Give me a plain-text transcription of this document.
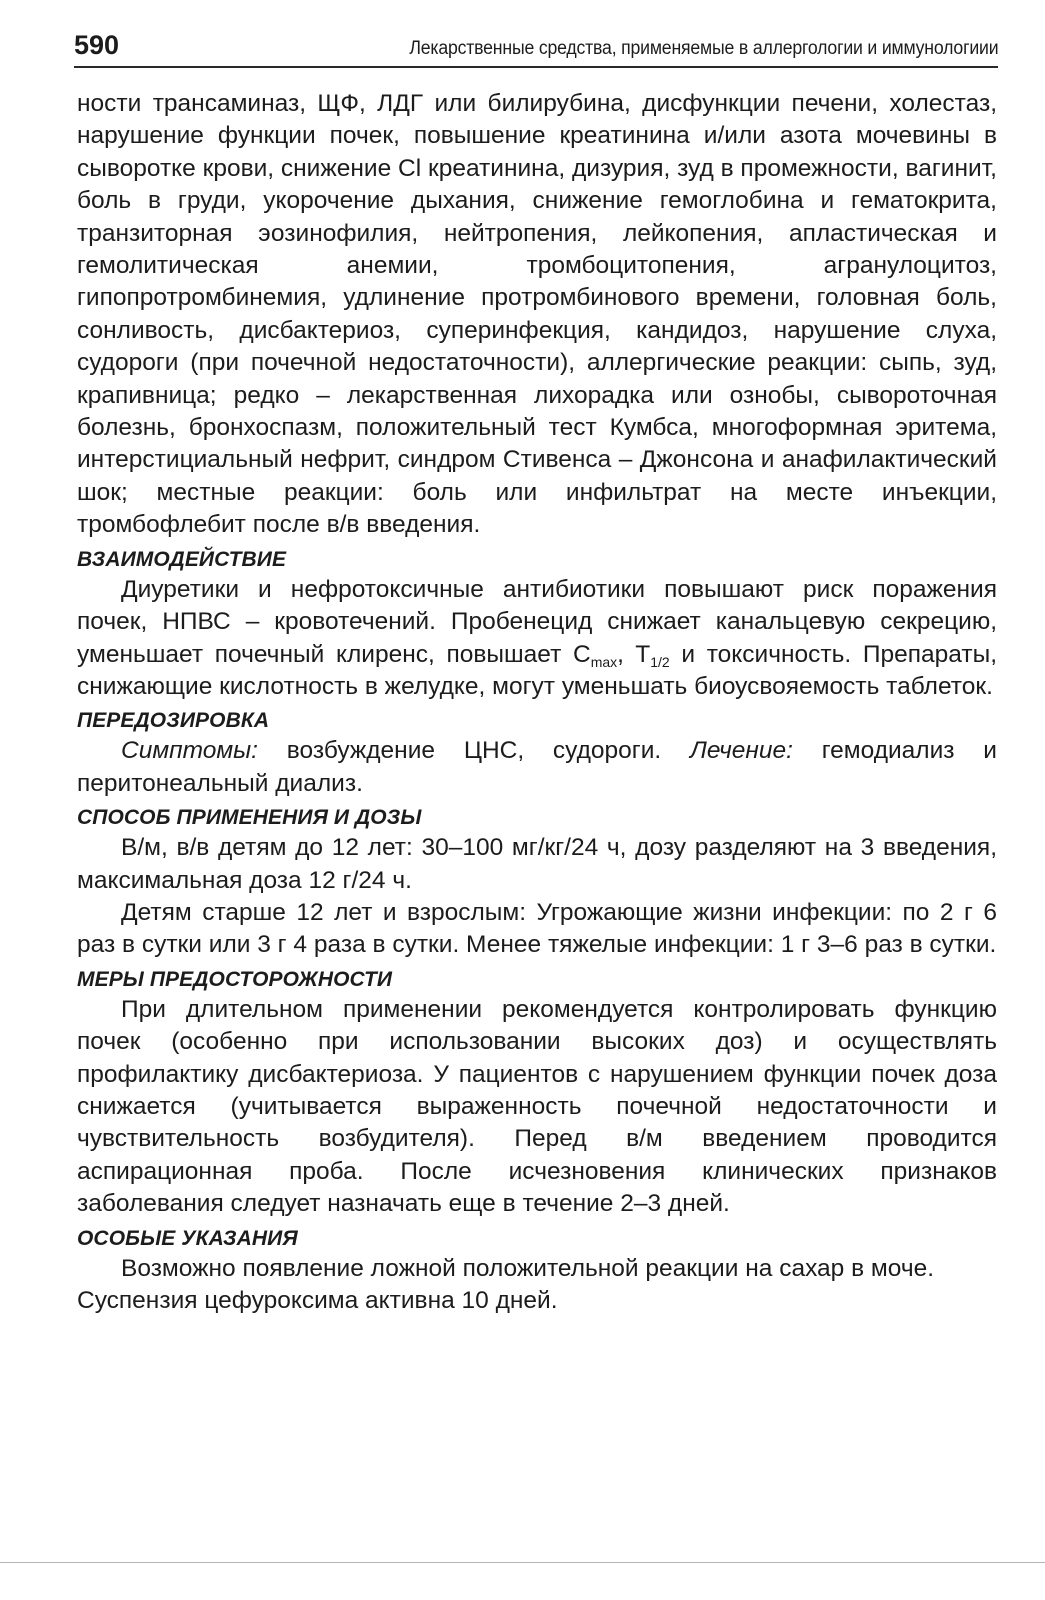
590	Лекарственные средства, применяемые в аллергологии и иммунологиии

ности трансаминаз, ЩФ, ЛДГ или билирубина, дисфункции печени, холестаз, нарушение функции почек, повышение креатинина и/или азота мочевины в сыворотке крови, снижение Cl креатинина, дизурия, зуд в промежности, вагинит, боль в груди, укорочение дыхания, снижение гемоглобина и гематокрита, транзиторная эозинофилия, нейтропения, лейкопения, апластическая и гемолитическая анемии, тромбоцитопения, агранулоцитоз, гипопротромбинемия, удлинение протромбинового времени, головная боль, сонливость, дисбактериоз, суперинфекция, кандидоз, нарушение слуха, судороги (при почечной недостаточности), аллергические реакции: сыпь, зуд, крапивница; редко – лекарственная лихорадка или ознобы, сывороточная болезнь, бронхоспазм, положительный тест Кумбса, многоформная эритема, интерстициальный нефрит, синдром Стивенса – Джонсона и анафилактический шок; местные реакции: боль или инфильтрат на месте инъекции, тромбофлебит после в/в введения.

ВЗАИМОДЕЙСТВИЕ

Диуретики и нефротоксичные антибиотики повышают риск поражения почек, НПВС – кровотечений. Пробенецид снижает канальцевую секрецию, уменьшает почечный клиренс, повышает $C_{max}$, $T_{1/2}$ и токсичность. Препараты, снижающие кислотность в желудке, могут уменьшать биоусвояемость таблеток.

ПЕРЕДОЗИРОВКА

Симптомы: возбуждение ЦНС, судороги. Лечение: гемодиализ и перитонеальный диализ.

СПОСОБ ПРИМЕНЕНИЯ И ДОЗЫ

В/м, в/в детям до 12 лет: 30–100 мг/кг/24 ч, дозу разделяют на 3 введения, максимальная доза 12 г/24 ч.

Детям старше 12 лет и взрослым: Угрожающие жизни инфекции: по 2 г 6 раз в сутки или 3 г 4 раза в сутки. Менее тяжелые инфекции: 1 г 3–6 раз в сутки.

МЕРЫ ПРЕДОСТОРОЖНОСТИ

При длительном применении рекомендуется контролировать функцию почек (особенно при использовании высоких доз) и осуществлять профилактику дисбактериоза. У пациентов с нарушением функции почек доза снижается (учитывается выраженность почечной недостаточности и чувствительность возбудителя). Перед в/м введением проводится аспирационная проба. После исчезновения клинических признаков заболевания следует назначать еще в течение 2–3 дней.

ОСОБЫЕ УКАЗАНИЯ

Возможно появление ложной положительной реакции на сахар в моче.
Суспензия цефуроксима активна 10 дней.
